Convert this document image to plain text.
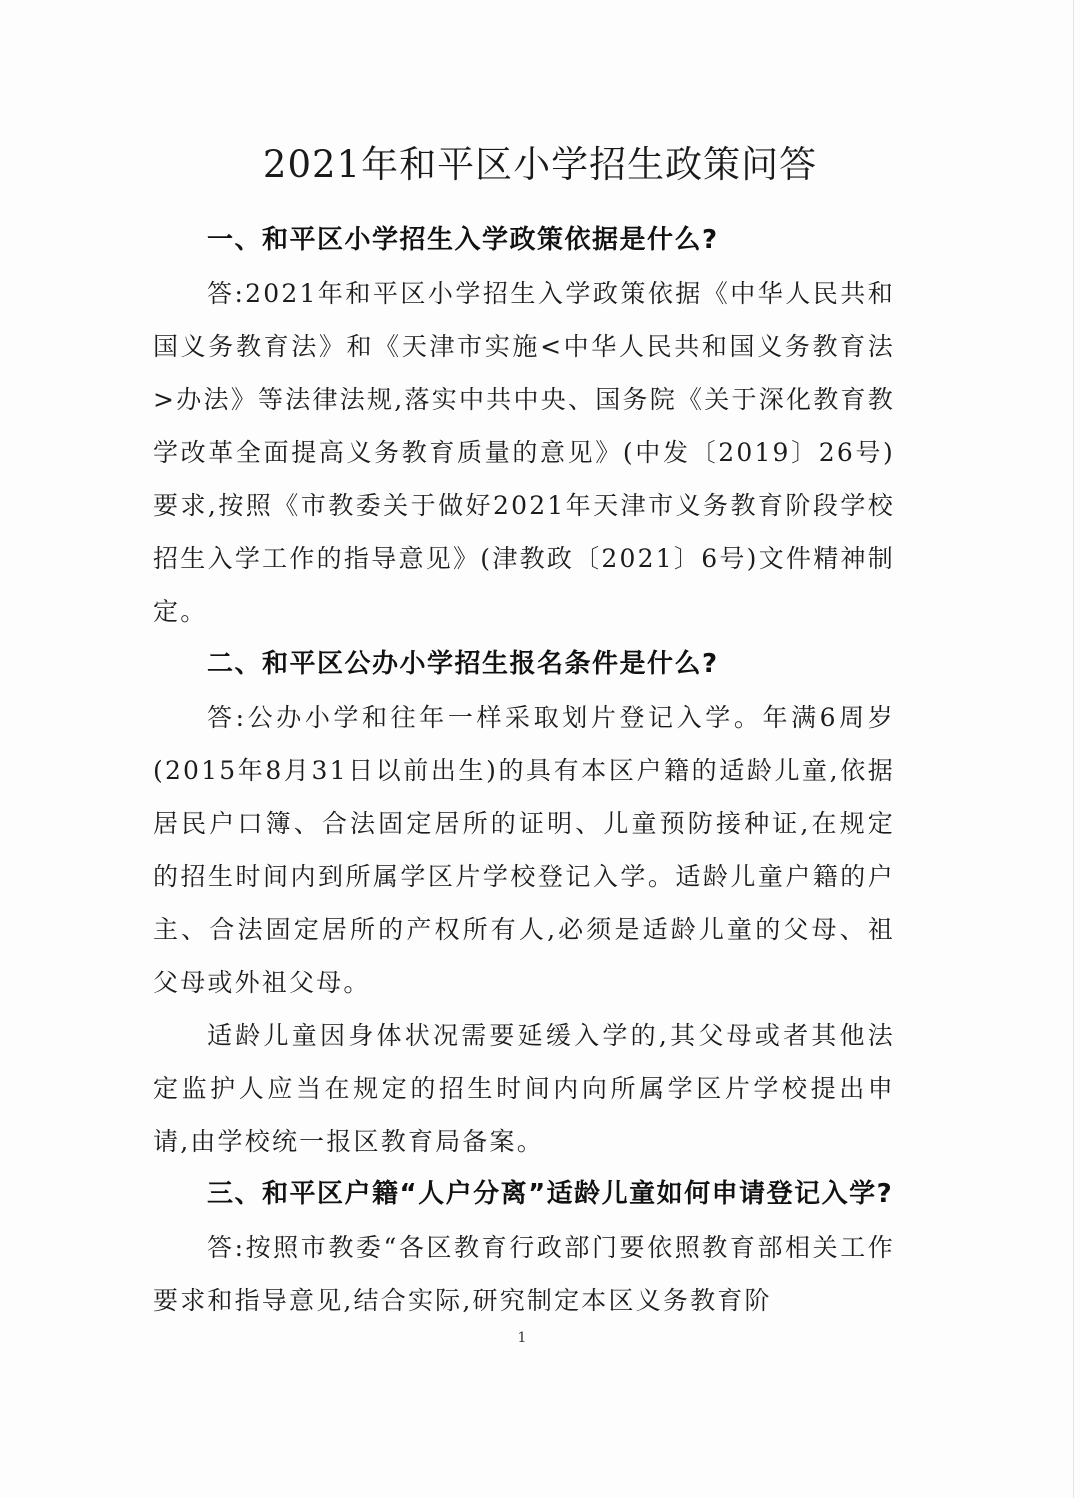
2021年和平区小学招生政策问答

一、和平区小学招生入学政策依据是什么?

答:2021年和平区小学招生入学政策依据《中华人民共和国义务教育法》和《天津市实施<中华人民共和国义务教育法>办法》等法律法规,落实中共中央、国务院《关于深化教育教学改革全面提高义务教育质量的意见》(中发〔2019〕26号)要求,按照《市教委关于做好2021年天津市义务教育阶段学校招生入学工作的指导意见》(津教政〔2021〕6号)文件精神制定。

二、和平区公办小学招生报名条件是什么?

答:公办小学和往年一样采取划片登记入学。年满6周岁(2015年8月31日以前出生)的具有本区户籍的适龄儿童,依据居民户口簿、合法固定居所的证明、儿童预防接种证,在规定的招生时间内到所属学区片学校登记入学。适龄儿童户籍的户主、合法固定居所的产权所有人,必须是适龄儿童的父母、祖父母或外祖父母。

适龄儿童因身体状况需要延缓入学的,其父母或者其他法定监护人应当在规定的招生时间内向所属学区片学校提出申请,由学校统一报区教育局备案。

三、和平区户籍“人户分离”适龄儿童如何申请登记入学?

答:按照市教委“各区教育行政部门要依照教育部相关工作要求和指导意见,结合实际,研究制定本区义务教育阶

1
